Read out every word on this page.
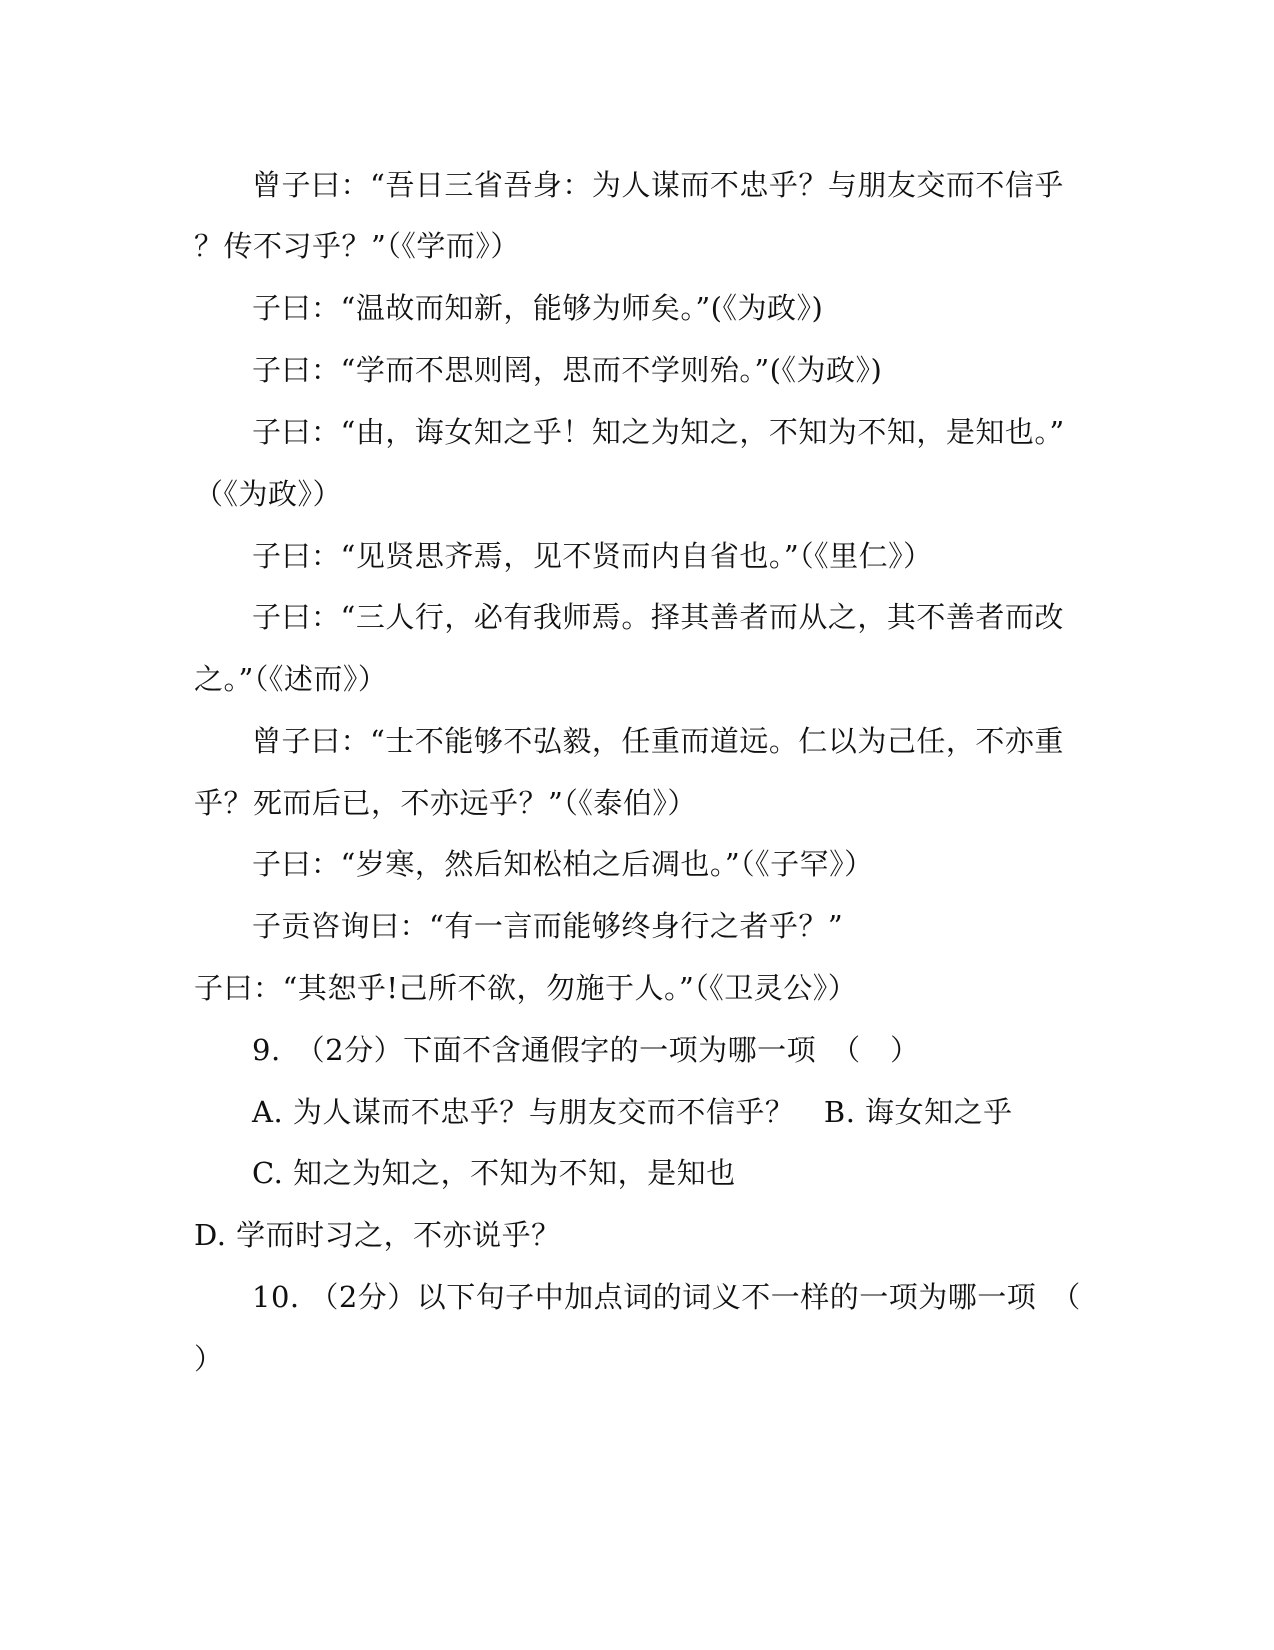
曾子曰：“吾日三省吾身：为人谋而不忠乎？与朋友交而不信乎
？传不习乎？”（《学而》）
子曰：“温故而知新，能够为师矣。”(《为政》)
子曰：“学而不思则罔，思而不学则殆。”(《为政》)
子曰：“由，诲女知之乎！知之为知之，不知为不知，是知也。”
（《为政》）
子曰：“见贤思齐焉，见不贤而内自省也。”（《里仁》）
子曰：“三人行，必有我师焉。择其善者而从之，其不善者而改
之。”（《述而》）
曾子曰：“士不能够不弘毅，任重而道远。仁以为己任，不亦重
乎？死而后已，不亦远乎？”（《泰伯》）
子曰：“岁寒，然后知松柏之后凋也。”（《子罕》）
子贡咨询曰：“有一言而能够终身行之者乎？”
子曰：“其恕乎!己所不欲，勿施于人。”（《卫灵公》）
9.　（2分）下面不含通假字的一项为哪一项　（　）
A. 为人谋而不忠乎？与朋友交而不信乎？　B. 诲女知之乎
C. 知之为知之，不知为不知，是知也
D. 学而时习之，不亦说乎？
10. （2分）以下句子中加点词的词义不一样的一项为哪一项　（
）
